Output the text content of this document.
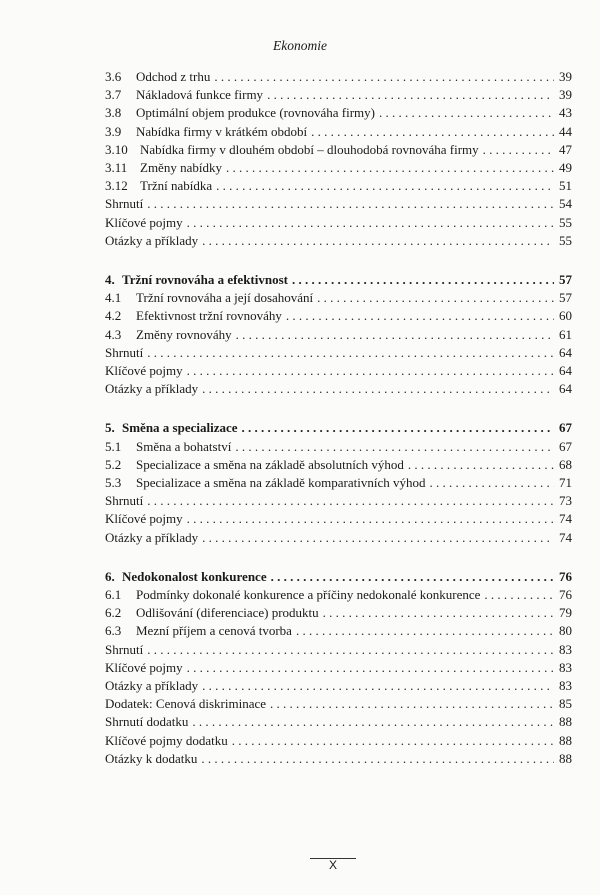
Ekonomie
3.6	Odchod z trhu . . .	39
3.7	Nákladová funkce firmy . . .	39
3.8	Optimální objem produkce (rovnováha firmy) . . .	43
3.9	Nabídka firmy v krátkém období . . .	44
3.10 Nabídka firmy v dlouhém období – dlouhodobá rovnováha firmy . . .	47
3.11 Změny nabídky . . .	49
3.12 Tržní nabídka . . .	51
Shrnutí . . .	54
Klíčové pojmy . . .	55
Otázky a příklady . . .	55
4. Tržní rovnováha a efektivnost . . .	57
4.1	Tržní rovnováha a její dosahování . . .	57
4.2	Efektivnost tržní rovnováhy . . .	60
4.3	Změny rovnováhy . . .	61
Shrnutí . . .	64
Klíčové pojmy . . .	64
Otázky a příklady . . .	64
5. Směna a specializace . . .	67
5.1	Směna a bohatství . . .	67
5.2	Specializace a směna na základě absolutních výhod . . .	68
5.3	Specializace a směna na základě komparativních výhod . . .	71
Shrnutí . . .	73
Klíčové pojmy . . .	74
Otázky a příklady . . .	74
6. Nedokonalost konkurence . . .	76
6.1	Podmínky dokonalé konkurence a příčiny nedokonalé konkurence . . .	76
6.2	Odlišování (diferenciace) produktu . . .	79
6.3	Mezní příjem a cenová tvorba . . .	80
Shrnutí . . .	83
Klíčové pojmy . . .	83
Otázky a příklady . . .	83
Dodatek: Cenová diskriminace . . .	85
Shrnutí dodatku . . .	88
Klíčové pojmy dodatku . . .	88
Otázky k dodatku . . .	88
X
